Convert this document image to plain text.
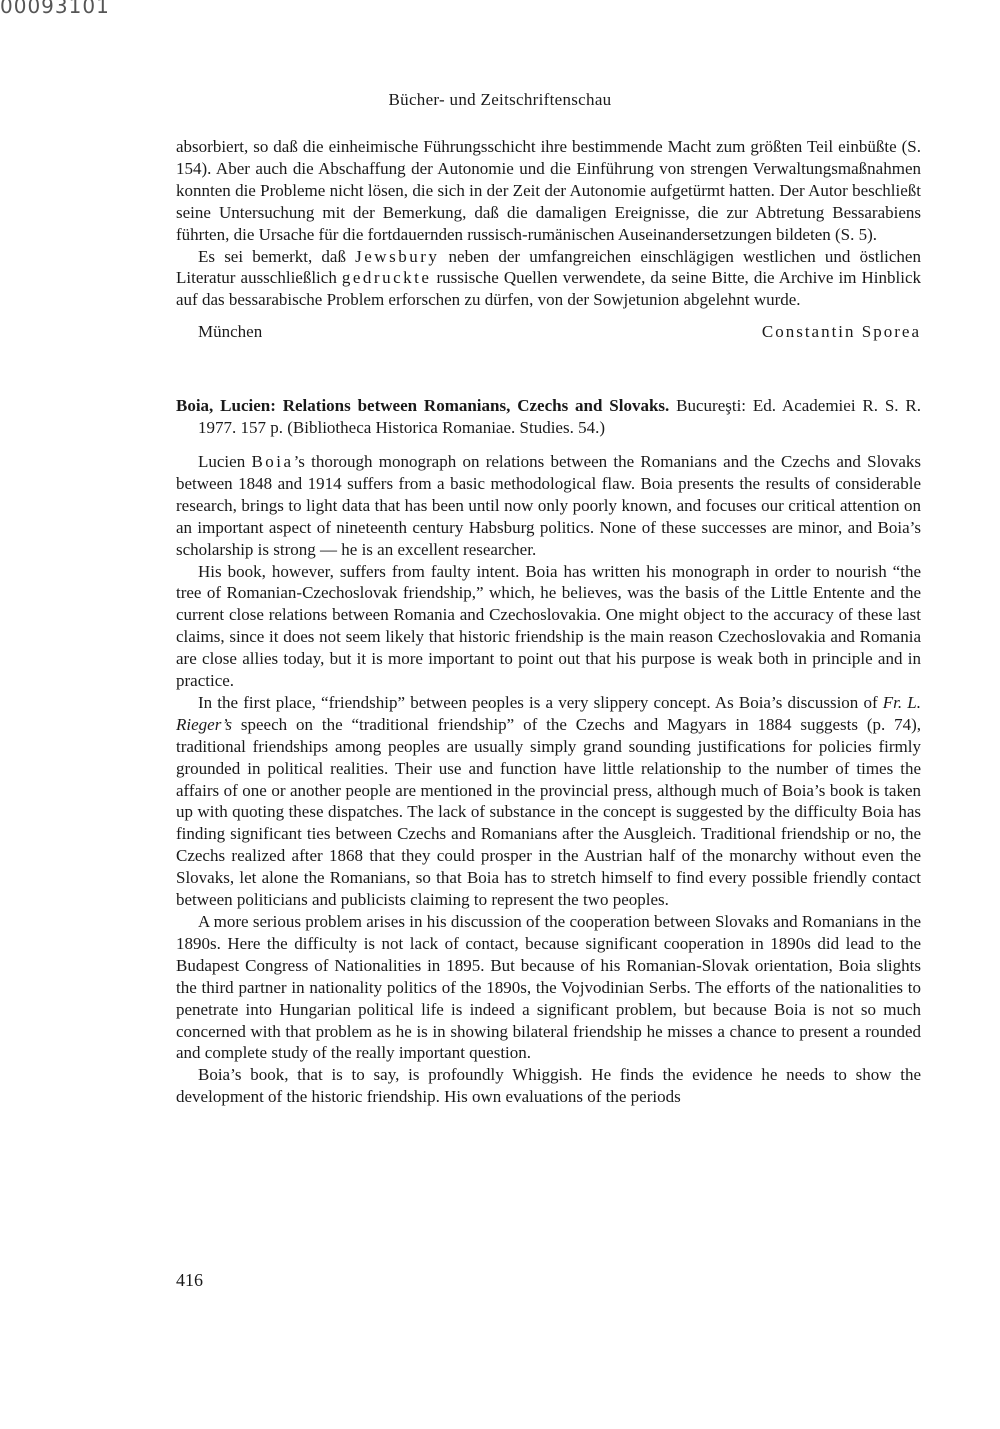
00093101
Bücher- und Zeitschriftenschau

absorbiert, so daß die einheimische Führungsschicht ihre bestimmende Macht zum größten Teil einbüßte (S. 154). Aber auch die Abschaffung der Autonomie und die Einführung von strengen Verwaltungsmaßnahmen konnten die Probleme nicht lösen, die sich in der Zeit der Autonomie aufgetürmt hatten. Der Autor beschließt seine Untersuchung mit der Bemerkung, daß die damaligen Ereignisse, die zur Abtretung Bessarabiens führten, die Ursache für die fortdauernden russisch-rumänischen Auseinandersetzungen bildeten (S. 5).

Es sei bemerkt, daß Jewsbury neben der umfangreichen einschlägigen westlichen und östlichen Literatur ausschließlich gedruckte russische Quellen verwendete, da seine Bitte, die Archive im Hinblick auf das bessarabische Problem erforschen zu dürfen, von der Sowjetunion abgelehnt wurde.

München	Constantin Sporea

Boia, Lucien: Relations between Romanians, Czechs and Slovaks. Bucureşti: Ed. Academiei R. S. R. 1977. 157 p. (Bibliotheca Historica Romaniae. Studies. 54.)

Lucien Boia’s thorough monograph on relations between the Romanians and the Czechs and Slovaks between 1848 and 1914 suffers from a basic methodological flaw. Boia presents the results of considerable research, brings to light data that has been until now only poorly known, and focuses our critical attention on an important aspect of nineteenth century Habsburg politics. None of these successes are minor, and Boia’s scholarship is strong — he is an excellent researcher.

His book, however, suffers from faulty intent. Boia has written his monograph in order to nourish “the tree of Romanian-Czechoslovak friendship,” which, he believes, was the basis of the Little Entente and the current close relations between Romania and Czechoslovakia. One might object to the accuracy of these last claims, since it does not seem likely that historic friendship is the main reason Czechoslovakia and Romania are close allies today, but it is more important to point out that his purpose is weak both in principle and in practice.

In the first place, “friendship” between peoples is a very slippery concept. As Boia’s discussion of Fr. L. Rieger’s speech on the “traditional friendship” of the Czechs and Magyars in 1884 suggests (p. 74), traditional friendships among peoples are usually simply grand sounding justifications for policies firmly grounded in political realities. Their use and function have little relationship to the number of times the affairs of one or another people are mentioned in the provincial press, although much of Boia’s book is taken up with quoting these dispatches. The lack of substance in the concept is suggested by the difficulty Boia has finding significant ties between Czechs and Romanians after the Ausgleich. Traditional friendship or no, the Czechs realized after 1868 that they could prosper in the Austrian half of the monarchy without even the Slovaks, let alone the Romanians, so that Boia has to stretch himself to find every possible friendly contact between politicians and publicists claiming to represent the two peoples.

A more serious problem arises in his discussion of the cooperation between Slovaks and Romanians in the 1890s. Here the difficulty is not lack of contact, because significant cooperation in 1890s did lead to the Budapest Congress of Nationalities in 1895. But because of his Romanian-Slovak orientation, Boia slights the third partner in nationality politics of the 1890s, the Vojvodinian Serbs. The efforts of the nationalities to penetrate into Hungarian political life is indeed a significant problem, but because Boia is not so much concerned with that problem as he is in showing bilateral friendship he misses a chance to present a rounded and complete study of the really important question.

Boia’s book, that is to say, is profoundly Whiggish. He finds the evidence he needs to show the development of the historic friendship. His own evaluations of the periods

416
